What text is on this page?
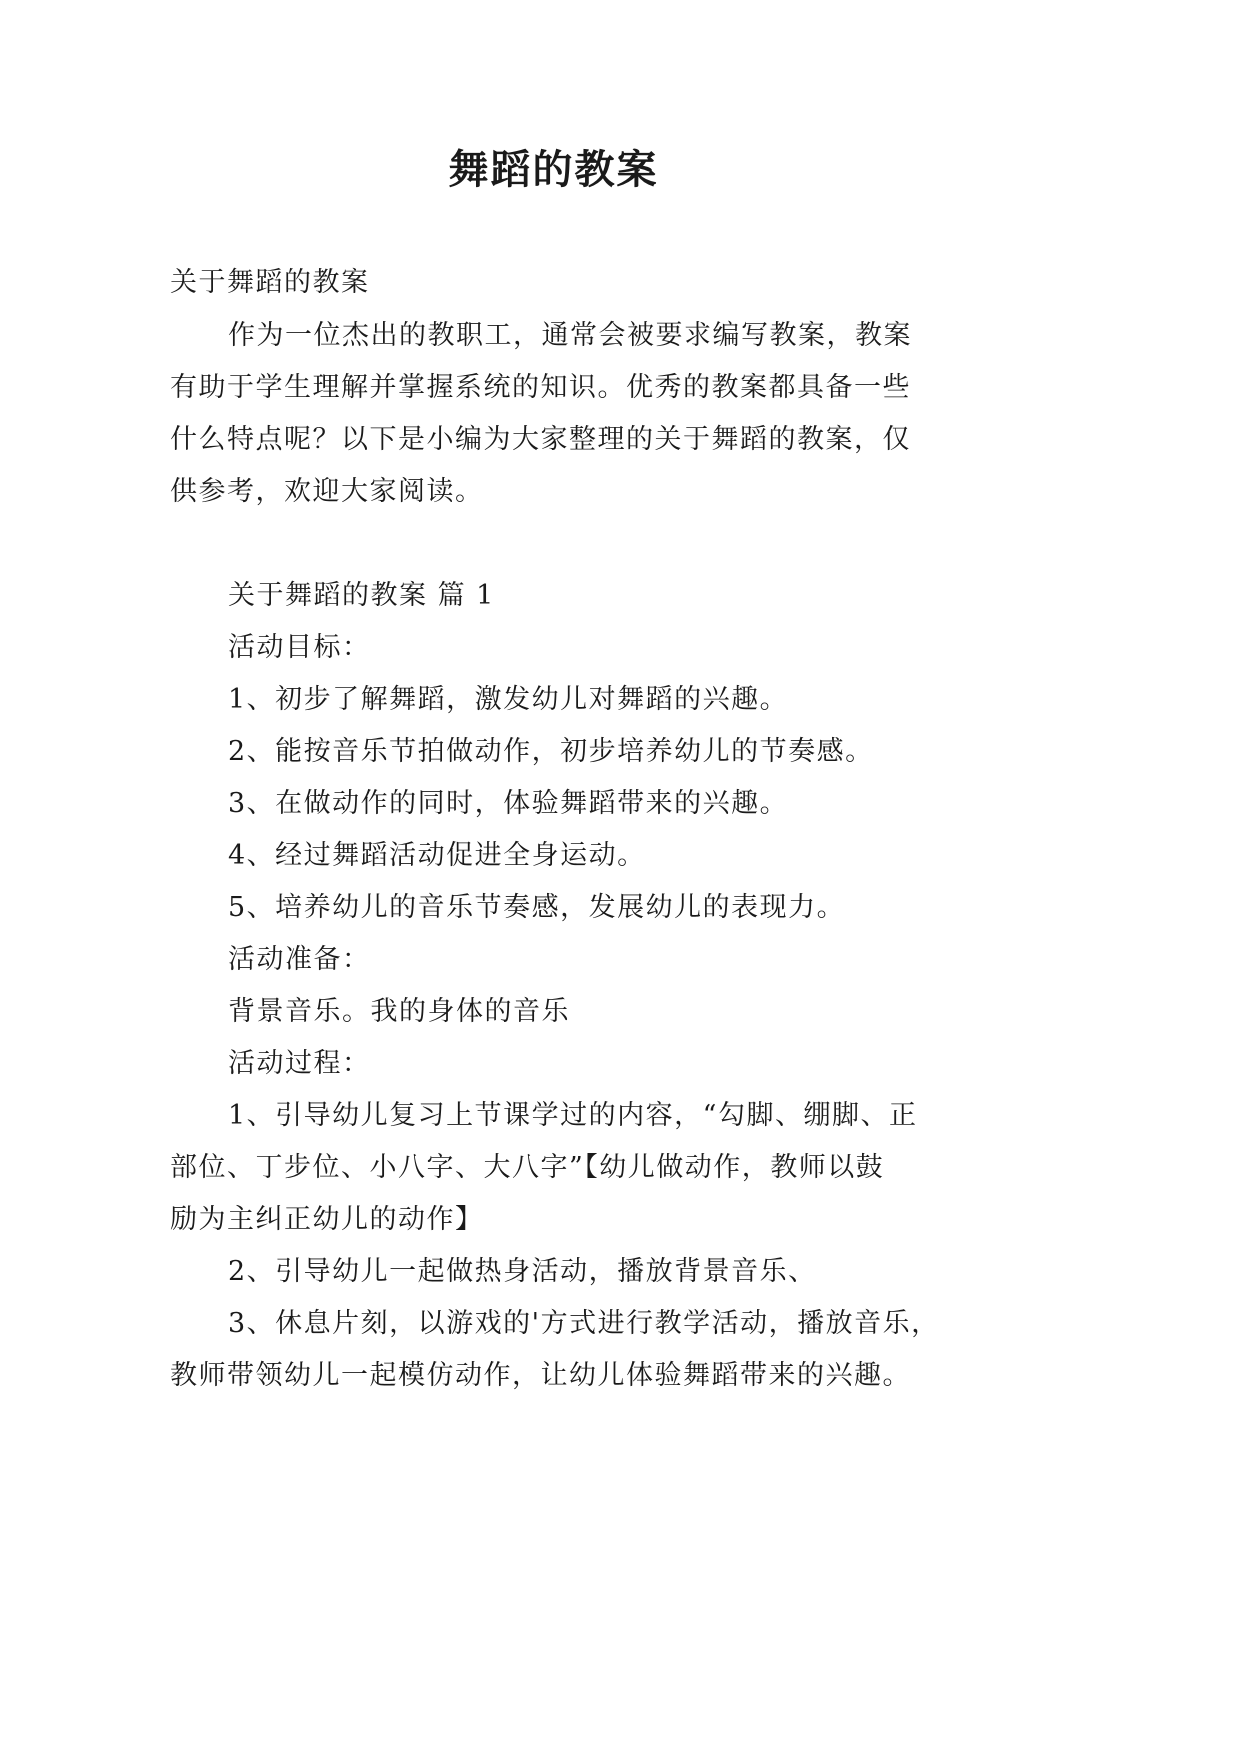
舞蹈的教案
关于舞蹈的教案
作为一位杰出的教职工，通常会被要求编写教案，教案
有助于学生理解并掌握系统的知识。优秀的教案都具备一些
什么特点呢？以下是小编为大家整理的关于舞蹈的教案，仅
供参考，欢迎大家阅读。
关于舞蹈的教案 篇 1
活动目标：
1、初步了解舞蹈，激发幼儿对舞蹈的兴趣。
2、能按音乐节拍做动作，初步培养幼儿的节奏感。
3、在做动作的同时，体验舞蹈带来的兴趣。
4、经过舞蹈活动促进全身运动。
5、培养幼儿的音乐节奏感，发展幼儿的表现力。
活动准备：
背景音乐。我的身体的音乐
活动过程：
1、引导幼儿复习上节课学过的内容，“勾脚、绷脚、正
部位、丁步位、小八字、大八字”【幼儿做动作，教师以鼓
励为主纠正幼儿的动作】
2、引导幼儿一起做热身活动，播放背景音乐、
3、休息片刻，以游戏的'方式进行教学活动，播放音乐，
教师带领幼儿一起模仿动作，让幼儿体验舞蹈带来的兴趣。
